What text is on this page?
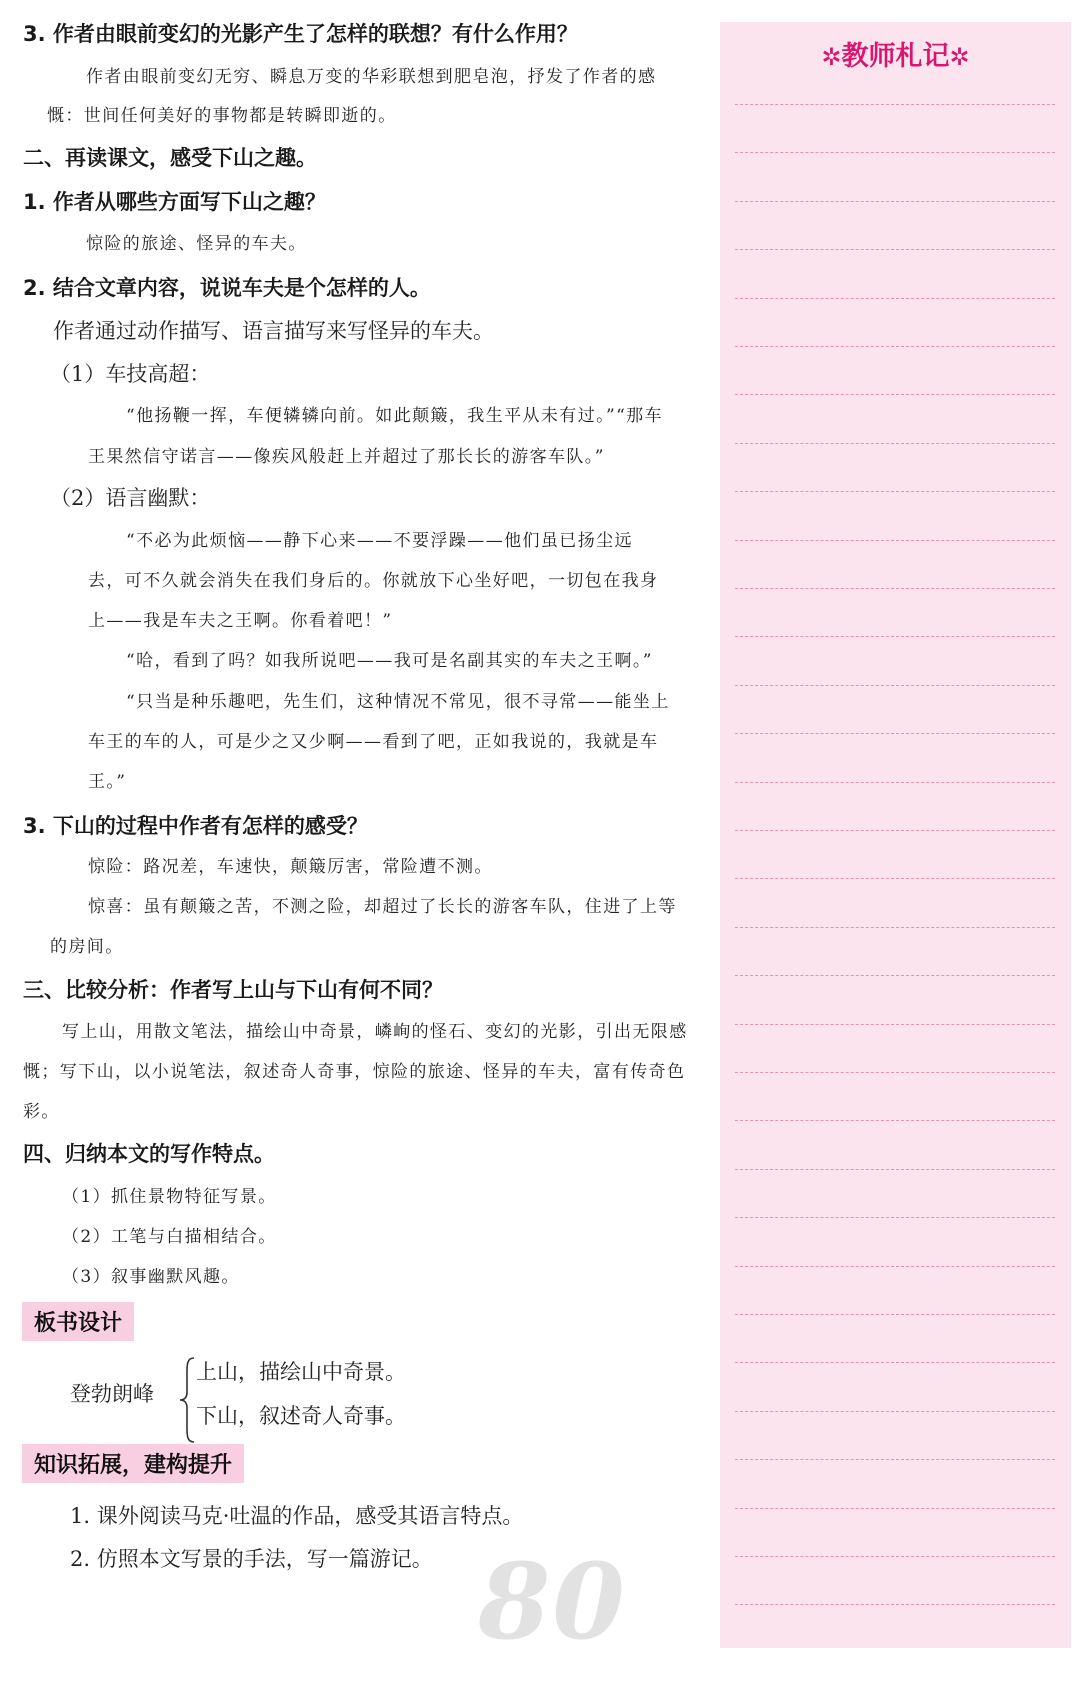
3. 作者由眼前变幻的光影产生了怎样的联想？有什么作用？

作者由眼前变幻无穷、瞬息万变的华彩联想到肥皂泡，抒发了作者的感

慨：世间任何美好的事物都是转瞬即逝的。

二、再读课文，感受下山之趣。

1. 作者从哪些方面写下山之趣？

惊险的旅途、怪异的车夫。

2. 结合文章内容，说说车夫是个怎样的人。

作者通过动作描写、语言描写来写怪异的车夫。

（1）车技高超：

“他扬鞭一挥，车便辚辚向前。如此颠簸，我生平从未有过。”“那车

王果然信守诺言——像疾风般赶上并超过了那长长的游客车队。”

（2）语言幽默：

“不必为此烦恼——静下心来——不要浮躁——他们虽已扬尘远

去，可不久就会消失在我们身后的。你就放下心坐好吧，一切包在我身

上——我是车夫之王啊。你看着吧！”

“哈，看到了吗？如我所说吧——我可是名副其实的车夫之王啊。”

“只当是种乐趣吧，先生们，这种情况不常见，很不寻常——能坐上

车王的车的人，可是少之又少啊——看到了吧，正如我说的，我就是车

王。”

3. 下山的过程中作者有怎样的感受？

惊险：路况差，车速快，颠簸厉害，常险遭不测。

惊喜：虽有颠簸之苦，不测之险，却超过了长长的游客车队，住进了上等

的房间。

三、比较分析：作者写上山与下山有何不同？

写上山，用散文笔法，描绘山中奇景，嶙峋的怪石、变幻的光影，引出无限感

慨；写下山，以小说笔法，叙述奇人奇事，惊险的旅途、怪异的车夫，富有传奇色

彩。

四、归纳本文的写作特点。

（1）抓住景物特征写景。

（2）工笔与白描相结合。

（3）叙事幽默风趣。

板书设计

登勃朗峰

上山，描绘山中奇景。

下山，叙述奇人奇事。

知识拓展，建构提升

1. 课外阅读马克·吐温的作品，感受其语言特点。

2. 仿照本文写景的手法，写一篇游记。 80
✲教师札记✲
